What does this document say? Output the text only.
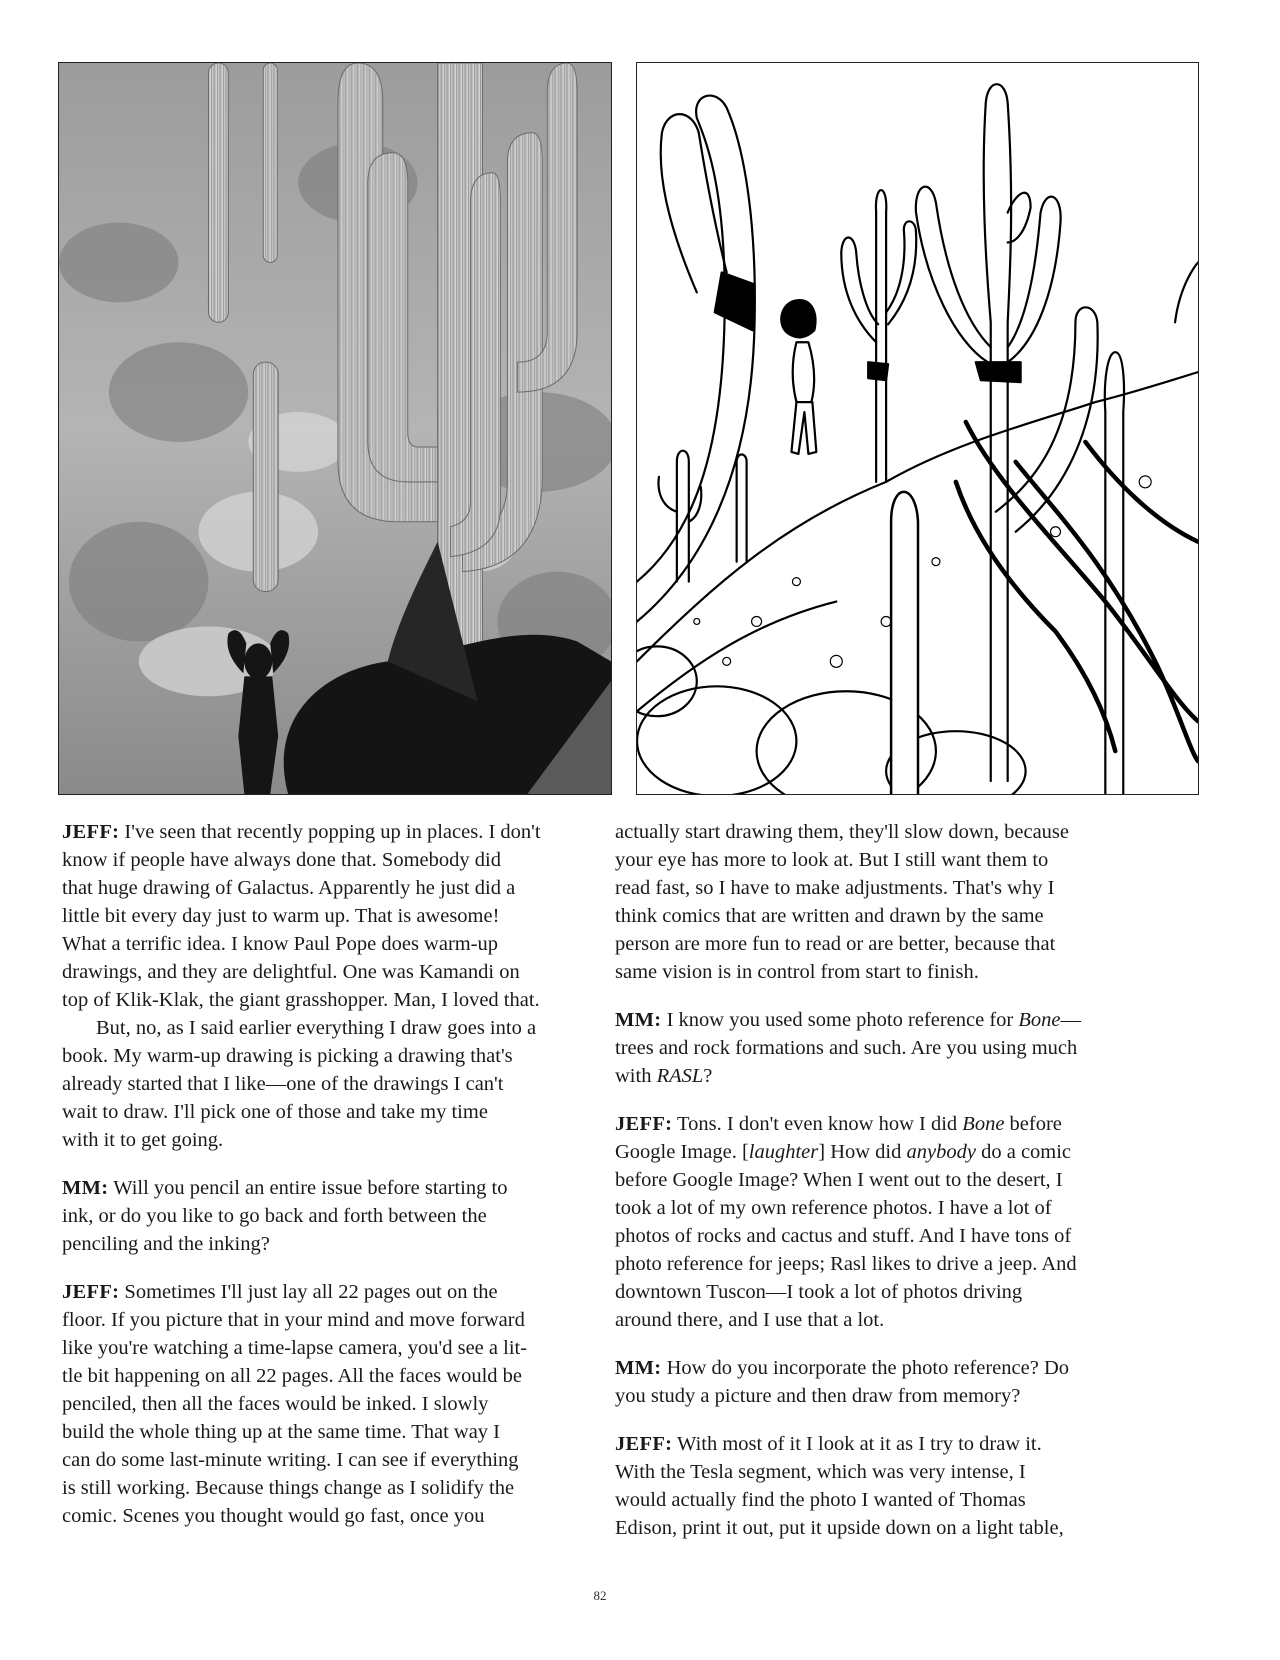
JEFF: I've seen that recently popping up in places. I don't
know if people have always done that. Somebody did
that huge drawing of Galactus. Apparently he just did a
little bit every day just to warm up. That is awesome!
What a terrific idea. I know Paul Pope does warm-up
drawings, and they are delightful. One was Kamandi on
top of Klik-Klak, the giant grasshopper. Man, I loved that.
But, no, as I said earlier everything I draw goes into a
book. My warm-up drawing is picking a drawing that's
already started that I like—one of the drawings I can't
wait to draw. I'll pick one of those and take my time
with it to get going.
MM: Will you pencil an entire issue before starting to
ink, or do you like to go back and forth between the
penciling and the inking?
JEFF: Sometimes I'll just lay all 22 pages out on the
floor. If you picture that in your mind and move forward
like you're watching a time-lapse camera, you'd see a lit-
tle bit happening on all 22 pages. All the faces would be
penciled, then all the faces would be inked. I slowly
build the whole thing up at the same time. That way I
can do some last-minute writing. I can see if everything
is still working. Because things change as I solidify the
comic. Scenes you thought would go fast, once you
actually start drawing them, they'll slow down, because
your eye has more to look at. But I still want them to
read fast, so I have to make adjustments. That's why I
think comics that are written and drawn by the same
person are more fun to read or are better, because that
same vision is in control from start to finish.
MM: I know you used some photo reference for Bone—
trees and rock formations and such. Are you using much
with RASL?
JEFF: Tons. I don't even know how I did Bone before
Google Image. [laughter] How did anybody do a comic
before Google Image? When I went out to the desert, I
took a lot of my own reference photos. I have a lot of
photos of rocks and cactus and stuff. And I have tons of
photo reference for jeeps; Rasl likes to drive a jeep. And
downtown Tuscon—I took a lot of photos driving
around there, and I use that a lot.
MM: How do you incorporate the photo reference? Do
you study a picture and then draw from memory?
JEFF: With most of it I look at it as I try to draw it.
With the Tesla segment, which was very intense, I
would actually find the photo I wanted of Thomas
Edison, print it out, put it upside down on a light table,
82
